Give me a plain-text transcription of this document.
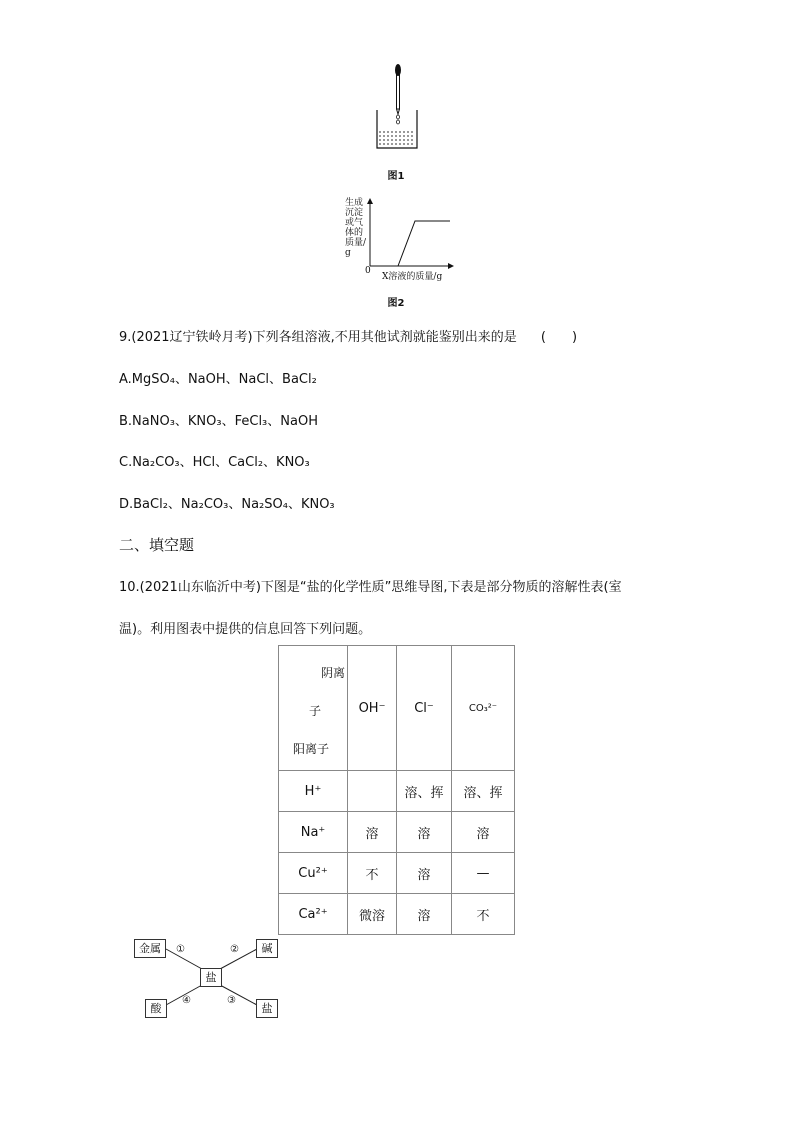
图1
生成沉淀或气体的质量/g
0
X溶液的质量/g
图2
9.(2021辽宁铁岭月考)下列各组溶液,不用其他试剂就能鉴别出来的是 (　　)
A.MgSO₄、NaOH、NaCl、BaCl₂
B.NaNO₃、KNO₃、FeCl₃、NaOH
C.Na₂CO₃、HCl、CaCl₂、KNO₃
D.BaCl₂、Na₂CO₃、Na₂SO₄、KNO₃
二、填空题
10.(2021山东临沂中考)下图是“盐的化学性质”思维导图,下表是部分物质的溶解性表(室
温)。利用图表中提供的信息回答下列问题。
阴离
子
阳离子	OH⁻	Cl⁻	CO₃²⁻
H⁺		溶、挥	溶、挥
Na⁺	溶	溶	溶
Cu²⁺	不	溶	—
Ca²⁺	微溶	溶	不
金属	碱
盐
酸	盐
①	②
④	③
